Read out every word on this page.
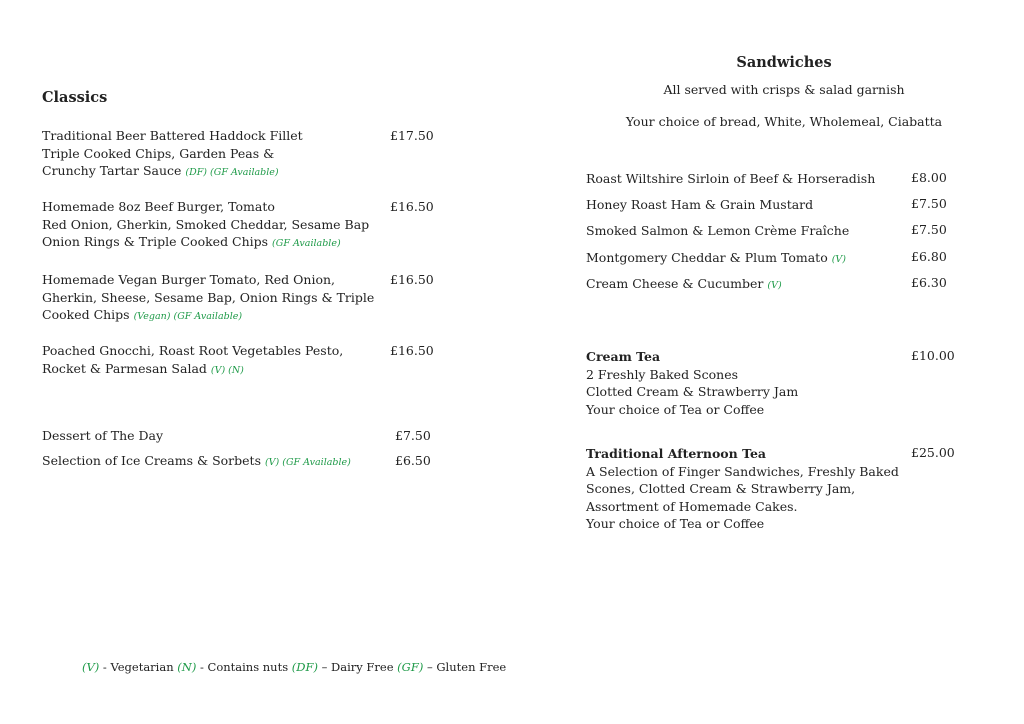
Classics
Traditional Beer Battered Haddock Fillet
Triple Cooked Chips, Garden Peas &
Crunchy Tartar Sauce (DF) (GF Available)
£17.50
Homemade 8oz Beef Burger, Tomato
Red Onion, Gherkin, Smoked Cheddar, Sesame Bap
Onion Rings & Triple Cooked Chips (GF Available)
£16.50
Homemade Vegan Burger Tomato, Red Onion,
Gherkin, Sheese, Sesame Bap, Onion Rings & Triple
Cooked Chips (Vegan) (GF Available)
£16.50
Poached Gnocchi, Roast Root Vegetables Pesto,
Rocket & Parmesan Salad (V) (N)
£16.50
Dessert of The Day	£7.50
Selection of Ice Creams & Sorbets (V) (GF Available)	£6.50
Sandwiches
All served with crisps & salad garnish
Your choice of bread, White, Wholemeal, Ciabatta
Roast Wiltshire Sirloin of Beef & Horseradish	£8.00
Honey Roast Ham & Grain Mustard	£7.50
Smoked Salmon & Lemon Crème Fraîche	£7.50
Montgomery Cheddar & Plum Tomato (V)	£6.80
Cream Cheese & Cucumber (V)	£6.30
Cream Tea
2 Freshly Baked Scones
Clotted Cream & Strawberry Jam
Your choice of Tea or Coffee
£10.00
Traditional Afternoon Tea
A Selection of Finger Sandwiches, Freshly Baked
Scones, Clotted Cream & Strawberry Jam,
Assortment of Homemade Cakes.
Your choice of Tea or Coffee
£25.00
(V) - Vegetarian (N) - Contains nuts (DF) – Dairy Free (GF) – Gluten Free
